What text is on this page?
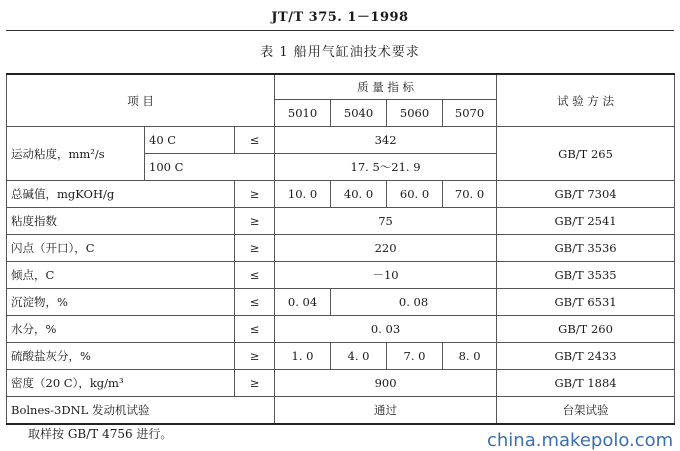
JT/T 375. 1－1998
表 1 船用气缸油技术要求
项 目			质 量 指 标				试 验 方 法
			5010	5040	5060	5070	
运动粘度，mm²/s	40 C	≤	342				GB/T 265
	100 C		17. 5～21. 9				
总碱值，mgKOH/g		≥	10. 0	40. 0	60. 0	70. 0	GB/T 7304
粘度指数		≥	75				GB/T 2541
闪点（开口），C		≥	220				GB/T 3536
倾点，C		≤	－10				GB/T 3535
沉淀物，%		≤	0. 04	0. 08			GB/T 6531
水分，%		≤	0. 03				GB/T 260
硫酸盐灰分，%		≥	1. 0	4. 0	7. 0	8. 0	GB/T 2433
密度（20 C），kg/m³		≥	900				GB/T 1884
Bolnes-3DNL 发动机试验			通过				台架试验
取样按 GB/T 4756 进行。	china.makepolo.com
